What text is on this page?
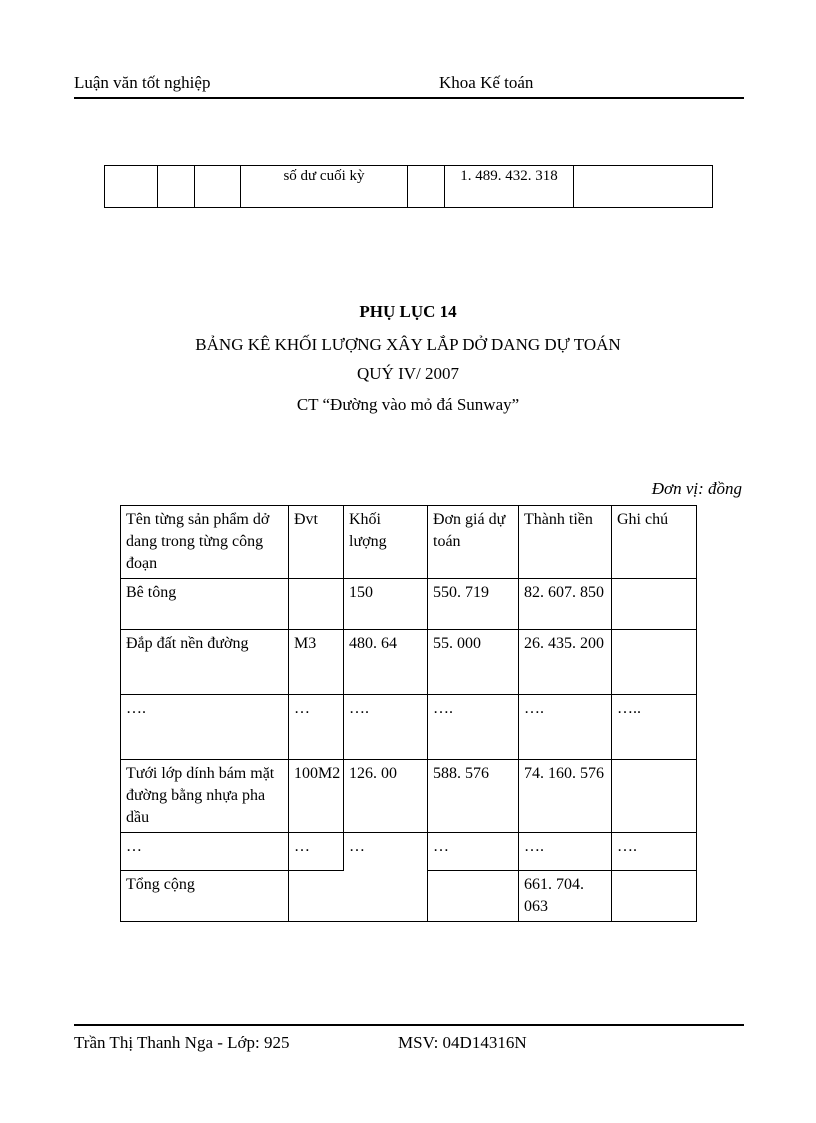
Luận văn tốt nghiệp	Khoa Kế toán
			số dư cuối kỳ		1. 489. 432. 318	
PHỤ LỤC 14
BẢNG KÊ KHỐI LƯỢNG XÂY LẮP DỞ DANG DỰ TOÁN
QUÝ IV/ 2007
CT “Đường vào mỏ đá Sunway”
Đơn vị: đồng
Tên từng sản phẩm dở dang trong từng công đoạn	Đvt	Khối lượng	Đơn giá dự toán	Thành tiền	Ghi chú
Bê tông		150	550. 719	82. 607. 850	
Đắp đất nền đường	M3	480. 64	55. 000	26. 435. 200	
….	…	….	….	….	…..
Tưới lớp dính bám mặt đường bằng nhựa pha dầu	100M2	126. 00	588. 576	74. 160. 576	
…	…	…	…	….	….
Tổng cộng				661. 704. 063	
Trần Thị Thanh Nga - Lớp: 925	MSV: 04D14316N
